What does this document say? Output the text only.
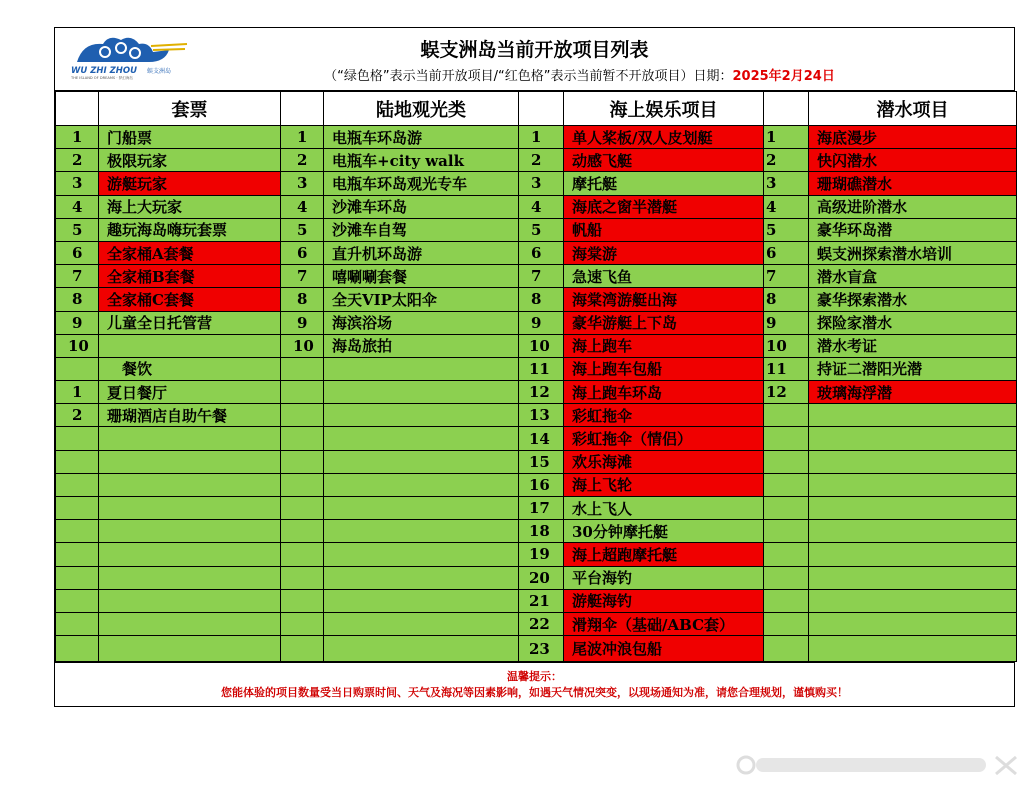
WU ZHI ZHOU 蜈支洲岛
THE ISLAND OF DREAMS · 梦幻海岛
蜈支洲岛当前开放项目列表
（“绿色格”表示当前开放项目/“红色格”表示当前暂不开放项目）日期：2025年2月24日
	套票		陆地观光类		海上娱乐项目		潜水项目
1	门船票	1	电瓶车环岛游	1	单人桨板/双人皮划艇	1	海底漫步
2	极限玩家	2	电瓶车+city walk	2	动感飞艇	2	快闪潜水
3	游艇玩家	3	电瓶车环岛观光专车	3	摩托艇	3	珊瑚礁潜水
4	海上大玩家	4	沙滩车环岛	4	海底之窗半潜艇	4	高级进阶潜水
5	趣玩海岛嗨玩套票	5	沙滩车自驾	5	帆船	5	豪华环岛潜
6	全家桶A套餐	6	直升机环岛游	6	海棠游	6	蜈支洲探索潜水培训
7	全家桶B套餐	7	嘻唰唰套餐	7	急速飞鱼	7	潜水盲盒
8	全家桶C套餐	8	全天VIP太阳伞	8	海棠湾游艇出海	8	豪华探索潜水
9	儿童全日托管营	9	海滨浴场	9	豪华游艇上下岛	9	探险家潜水
10		10	海岛旅拍	10	海上跑车	10	潜水考证
	　餐饮			11	海上跑车包船	11	持证二潜阳光潜
1	夏日餐厅			12	海上跑车环岛	12	玻璃海浮潜
2	珊瑚酒店自助午餐			13	彩虹拖伞		
				14	彩虹拖伞（情侣）		
				15	欢乐海滩		
				16	海上飞轮		
				17	水上飞人		
				18	30分钟摩托艇		
				19	海上超跑摩托艇		
				20	平台海钓		
				21	游艇海钓		
				22	滑翔伞（基础/ABC套）		
				23	尾波冲浪包船		
温馨提示：
您能体验的项目数量受当日购票时间、天气及海况等因素影响，如遇天气情况突变，以现场通知为准，请您合理规划，谨慎购买！
